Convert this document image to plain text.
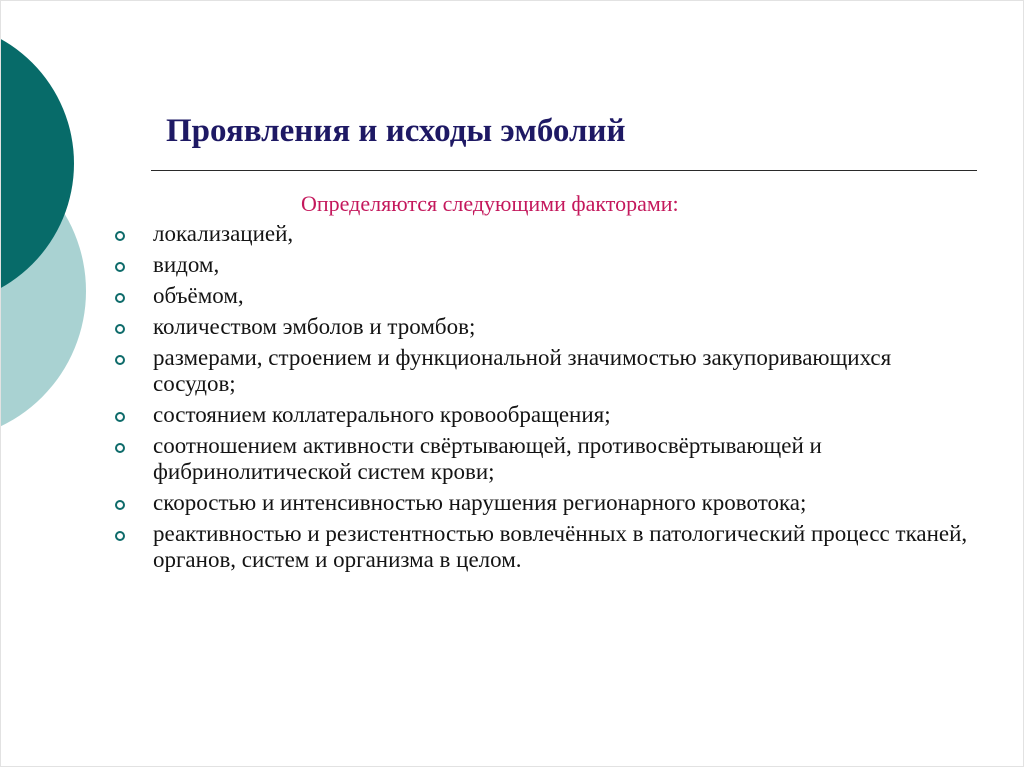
Проявления и исходы эмболий
Определяются следующими факторами:
локализацией,
видом,
объёмом,
количеством эмболов и тромбов;
размерами, строением и функциональной значимостью закупоривающихся сосудов;
состоянием коллатерального кровообращения;
соотношением активности свёртывающей, противосвёртывающей и фибринолитической систем крови;
скоростью и интенсивностью нарушения регионарного кровотока;
реактивностью и резистентностью вовлечённых в патологический процесс тканей, органов, систем и организма в целом.
